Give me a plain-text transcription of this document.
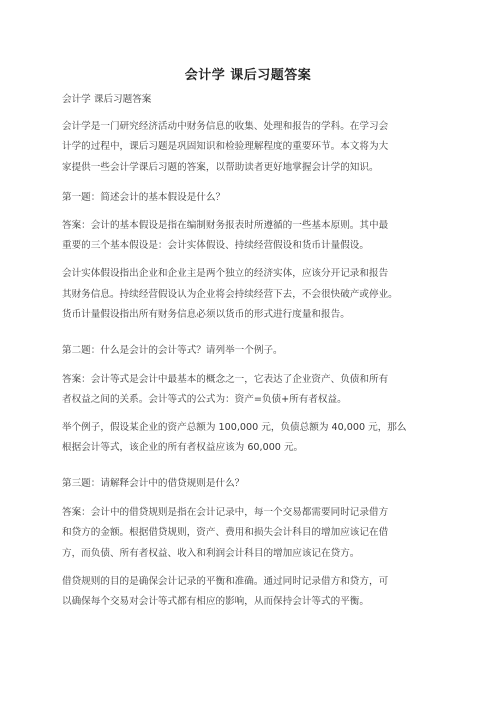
会计学 课后习题答案
会计学 课后习题答案
会计学是一门研究经济活动中财务信息的收集、处理和报告的学科。在学习会
计学的过程中，课后习题是巩固知识和检验理解程度的重要环节。本文将为大
家提供一些会计学课后习题的答案，以帮助读者更好地掌握会计学的知识。
第一题：简述会计的基本假设是什么？
答案：会计的基本假设是指在编制财务报表时所遵循的一些基本原则。其中最
重要的三个基本假设是：会计实体假设、持续经营假设和货币计量假设。
会计实体假设指出企业和企业主是两个独立的经济实体，应该分开记录和报告
其财务信息。持续经营假设认为企业将会持续经营下去，不会很快破产或停业。
货币计量假设指出所有财务信息必须以货币的形式进行度量和报告。
第二题：什么是会计的会计等式？请列举一个例子。
答案：会计等式是会计中最基本的概念之一，它表达了企业资产、负债和所有
者权益之间的关系。会计等式的公式为：资产=负债+所有者权益。
举个例子，假设某企业的资产总额为 100,000 元，负债总额为 40,000 元，那么
根据会计等式，该企业的所有者权益应该为 60,000 元。
第三题：请解释会计中的借贷规则是什么？
答案：会计中的借贷规则是指在会计记录中，每一个交易都需要同时记录借方
和贷方的金额。根据借贷规则，资产、费用和损失会计科目的增加应该记在借
方，而负债、所有者权益、收入和利润会计科目的增加应该记在贷方。
借贷规则的目的是确保会计记录的平衡和准确。通过同时记录借方和贷方，可
以确保每个交易对会计等式都有相应的影响，从而保持会计等式的平衡。
